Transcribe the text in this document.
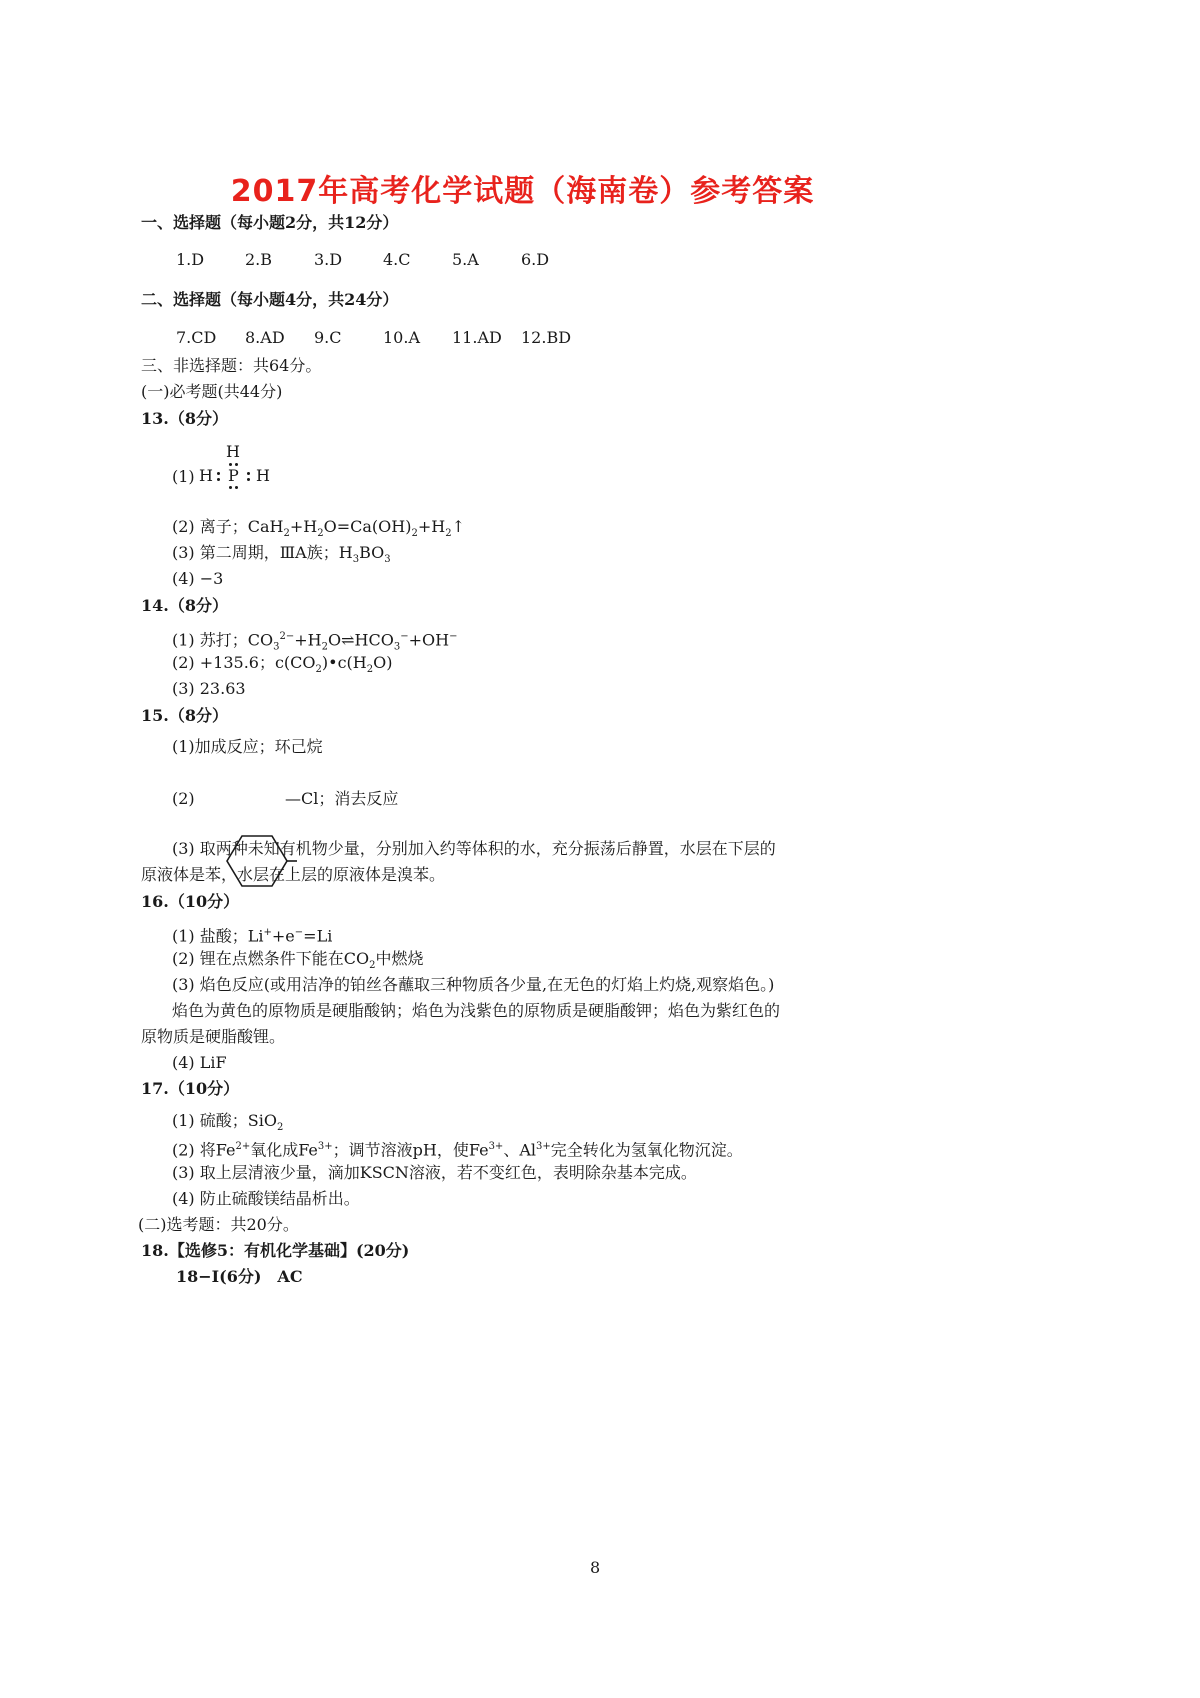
2017年高考化学试题（海南卷）参考答案
一、选择题（每小题2分，共12分）
1.D	2.B	3.D	4.C	5.A	6.D
二、选择题（每小题4分，共24分）
7.CD 8.AD 9.C	10.A 11.AD 12.BD
三、非选择题：共64分。
(一)必考题(共44分)
13.（8分）
(1)
H
H P H
(2) 离子；$CaH_2+H_2O=Ca(OH)_2+H_2↑$
(3) 第二周期，ⅢA族；$H_3BO_3$
(4) −3
14.（8分）
(1) 苏打；$CO_3^{2-}+H_2O\rightleftharpoons HCO_3^-+OH^-$
(2) +135.6；$c(CO_2)•c(H_2O)$
(3) 23.63
15.（8分）
(1)加成反应；环己烷
(2)	—Cl；消去反应
(3) 取两种未知有机物少量，分别加入约等体积的水，充分振荡后静置，水层在下层的
原液体是苯，水层在上层的原液体是溴苯。
16.（10分）
(1) 盐酸；Li++e−=Li
(2) 锂在点燃条件下能在$CO_2$中燃烧
(3) 焰色反应(或用洁净的铂丝各蘸取三种物质各少量,在无色的灯焰上灼烧,观察焰色。)
焰色为黄色的原物质是硬脂酸钠；焰色为浅紫色的原物质是硬脂酸钾；焰色为紫红色的
原物质是硬脂酸锂。
(4) LiF
17.（10分）
(1) 硫酸；SiO$_2$
(2) 将$Fe^{2+}$氧化成$Fe^{3+}$；调节溶液pH，使$Fe^{3+}$、$Al^{3+}$完全转化为氢氧化物沉淀。
(3) 取上层清液少量，滴加KSCN溶液，若不变红色，表明除杂基本完成。
(4) 防止硫酸镁结晶析出。
(二)选考题：共20分。
18.【选修5：有机化学基础】(20分)
18−Ⅰ(6分)　AC
8
